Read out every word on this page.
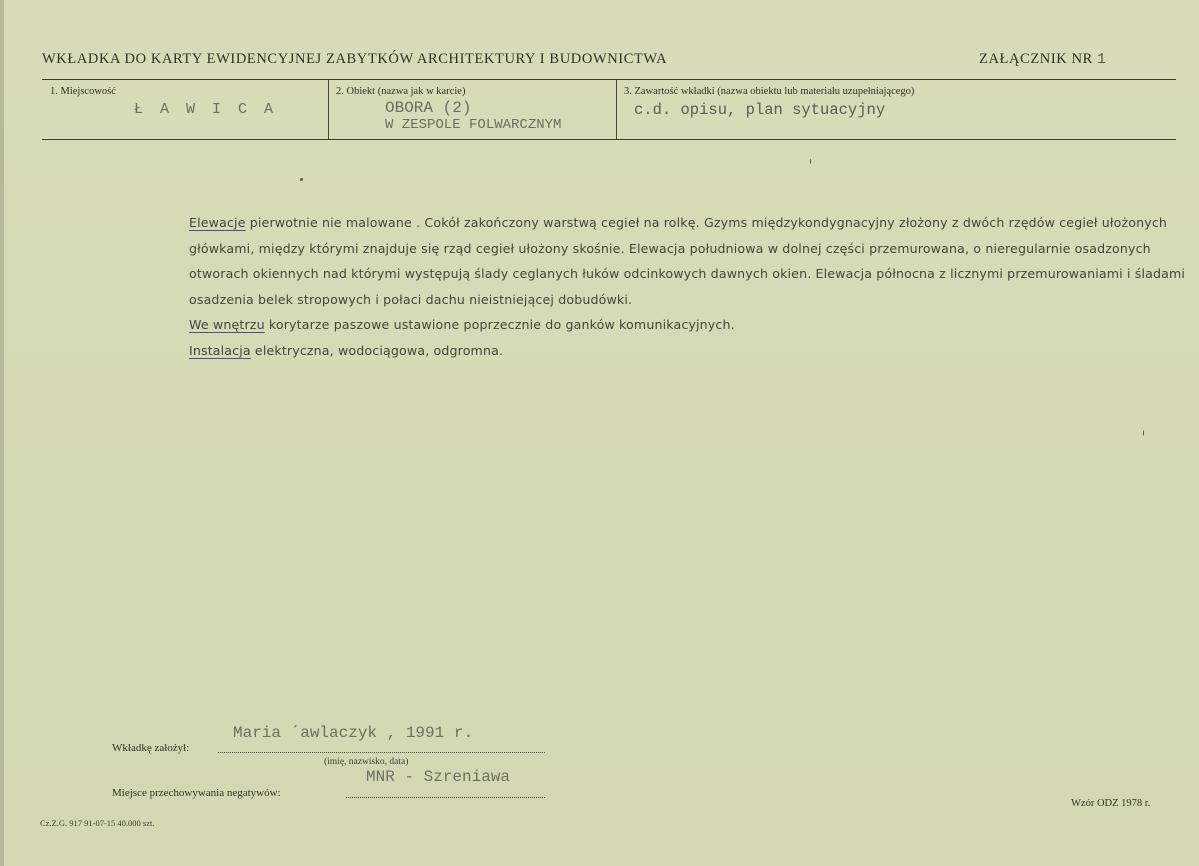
WKŁADKA DO KARTY EWIDENCYJNEJ ZABYTKÓW ARCHITEKTURY I BUDOWNICTWA	ZAŁĄCZNIK NR 1
1. Miejscowość
Ł A W I C A
2. Obiekt (nazwa jak w karcie)
OBORA (2)
W ZESPOLE FOLWARCZNYM
3. Zawartość wkładki (nazwa obiektu lub materiału uzupełniającego)
c.d. opisu, plan sytuacyjny

Elewacje pierwotnie nie malowane . Cokół zakończony warstwą cegieł na rolkę. Gzyms międzykondygnacyjny złożony z dwóch rzędów cegieł ułożonych główkami, między którymi znajduje się rząd cegieł ułożony skośnie. Elewacja południowa w dolnej części przemurowana, o nieregularnie osadzonych otworach okiennych nad którymi występują ślady ceglanych łuków odcinkowych dawnych okien. Elewacja północna z licznymi przemurowaniami i śladami osadzenia belek stropowych i połaci dachu nieistniejącej dobudówki.

We wnętrzu korytarze paszowe ustawione poprzecznie do ganków komunikacyjnych.

Instalacja elektryczna, wodociągowa, odgromna.

Wkładkę założył:
Maria ˊawlaczyk , 1991 r.
(imię, nazwisko, data)
Miejsce przechowywania negatywów:
MNR - Szreniawa
Cz.Z.G. 917 91-07-15 40.000 szt.
Wzór ODZ 1978 r.
